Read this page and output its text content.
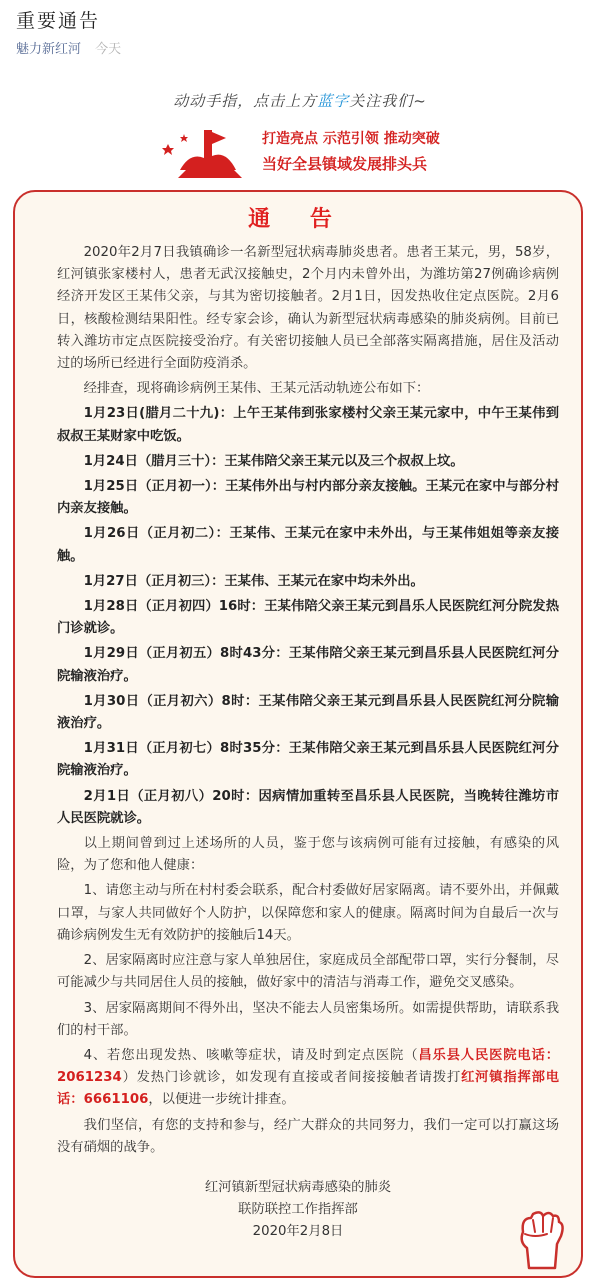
重要通告
魅力新红河 今天
动动手指，点击上方蓝字关注我们~
打造亮点 示范引领 推动突破
当好全县镇域发展排头兵
通 告

2020年2月7日我镇确诊一名新型冠状病毒肺炎患者。患者王某元，男，58岁，红河镇张家楼村人，患者无武汉接触史，2个月内未曾外出，为潍坊第27例确诊病例经济开发区王某伟父亲，与其为密切接触者。2月1日，因发热收住定点医院。2月6日，核酸检测结果阳性。经专家会诊，确认为新型冠状病毒感染的肺炎病例。目前已转入潍坊市定点医院接受治疗。有关密切接触人员已全部落实隔离措施，居住及活动过的场所已经进行全面防疫消杀。

经排查，现将确诊病例王某伟、王某元活动轨迹公布如下：

1月23日(腊月二十九)：上午王某伟到张家楼村父亲王某元家中，中午王某伟到叔叔王某财家中吃饭。

1月24日（腊月三十）：王某伟陪父亲王某元以及三个叔叔上坟。

1月25日（正月初一）：王某伟外出与村内部分亲友接触。王某元在家中与部分村内亲友接触。

1月26日（正月初二）：王某伟、王某元在家中未外出，与王某伟姐姐等亲友接触。

1月27日（正月初三）：王某伟、王某元在家中均未外出。

1月28日（正月初四）16时：王某伟陪父亲王某元到昌乐人民医院红河分院发热门诊就诊。

1月29日（正月初五）8时43分：王某伟陪父亲王某元到昌乐县人民医院红河分院输液治疗。

1月30日（正月初六）8时：王某伟陪父亲王某元到昌乐县人民医院红河分院输液治疗。

1月31日（正月初七）8时35分：王某伟陪父亲王某元到昌乐县人民医院红河分院输液治疗。

2月1日（正月初八）20时：因病情加重转至昌乐县人民医院，当晚转往潍坊市人民医院就诊。

以上期间曾到过上述场所的人员，鉴于您与该病例可能有过接触，有感染的风险，为了您和他人健康：

1、请您主动与所在村村委会联系，配合村委做好居家隔离。请不要外出，并佩戴口罩，与家人共同做好个人防护，以保障您和家人的健康。隔离时间为自最后一次与确诊病例发生无有效防护的接触后14天。

2、居家隔离时应注意与家人单独居住，家庭成员全部配带口罩，实行分餐制，尽可能减少与共同居住人员的接触，做好家中的清洁与消毒工作，避免交叉感染。

3、居家隔离期间不得外出，坚决不能去人员密集场所。如需提供帮助，请联系我们的村干部。

4、若您出现发热、咳嗽等症状，请及时到定点医院（昌乐县人民医院电话：2061234）发热门诊就诊，如发现有直接或者间接接触者请拨打红河镇指挥部电话：6661106，以便进一步统计排查。

我们坚信，有您的支持和参与，经广大群众的共同努力，我们一定可以打赢这场没有硝烟的战争。

红河镇新型冠状病毒感染的肺炎
联防联控工作指挥部
2020年2月8日
